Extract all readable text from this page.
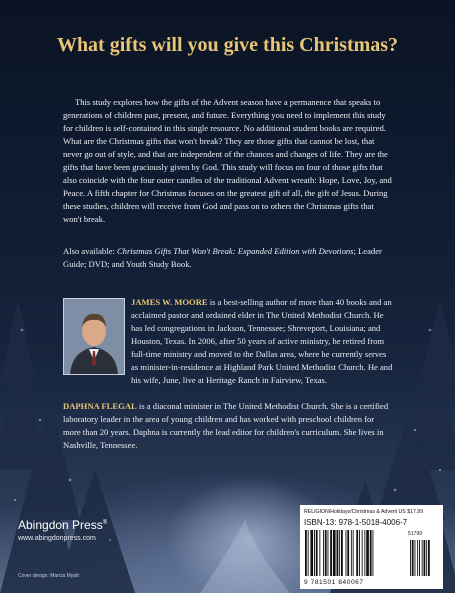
What gifts will you give this Christmas?

This study explores how the gifts of the Advent season have a permanence that speaks to generations of children past, present, and future. Everything you need to implement this study for children is self-contained in this single resource. No additional student books are required. What are the Christmas gifts that won't break? They are those gifts that cannot be lost, that never go out of style, and that are independent of the chances and changes of life. They are the gifts that have been graciously given by God. This study will focus on four of those gifts that also coincide with the four outer candles of the traditional Advent wreath: Hope, Love, Joy, and Peace. A fifth chapter for Christmas focuses on the greatest gift of all, the gift of Jesus. During these studies, children will receive from God and pass on to others the Christmas gifts that won't break.

Also available: Christmas Gifts That Won't Break: Expanded Edition with Devotions; Leader Guide; DVD; and Youth Study Book.

JAMES W. MOORE is a best-selling author of more than 40 books and an acclaimed pastor and ordained elder in The United Methodist Church. He has led congregations in Jackson, Tennessee; Shreveport, Louisiana; and Houston, Texas. In 2006, after 50 years of active ministry, he retired from full-time ministry and moved to the Dallas area, where he currently serves as minister-in-residence at Highland Park United Methodist Church. He and his wife, June, live at Heritage Ranch in Fairview, Texas.

DAPHNA FLEGAL is a diaconal minister in The United Methodist Church. She is a certified laboratory leader in the area of young children and has worked with preschool children for more than 20 years. Daphna is currently the lead editor for children's curriculum. She lives in Nashville, Tennessee.

Abingdon Press®

www.abingdonpress.com

Cover design: Marcia Myatt

RELIGION/Holidays/Christmas & Advent US $17.99

ISBN-13: 978-1-5018-4006-7

51799

9 781501 840067
